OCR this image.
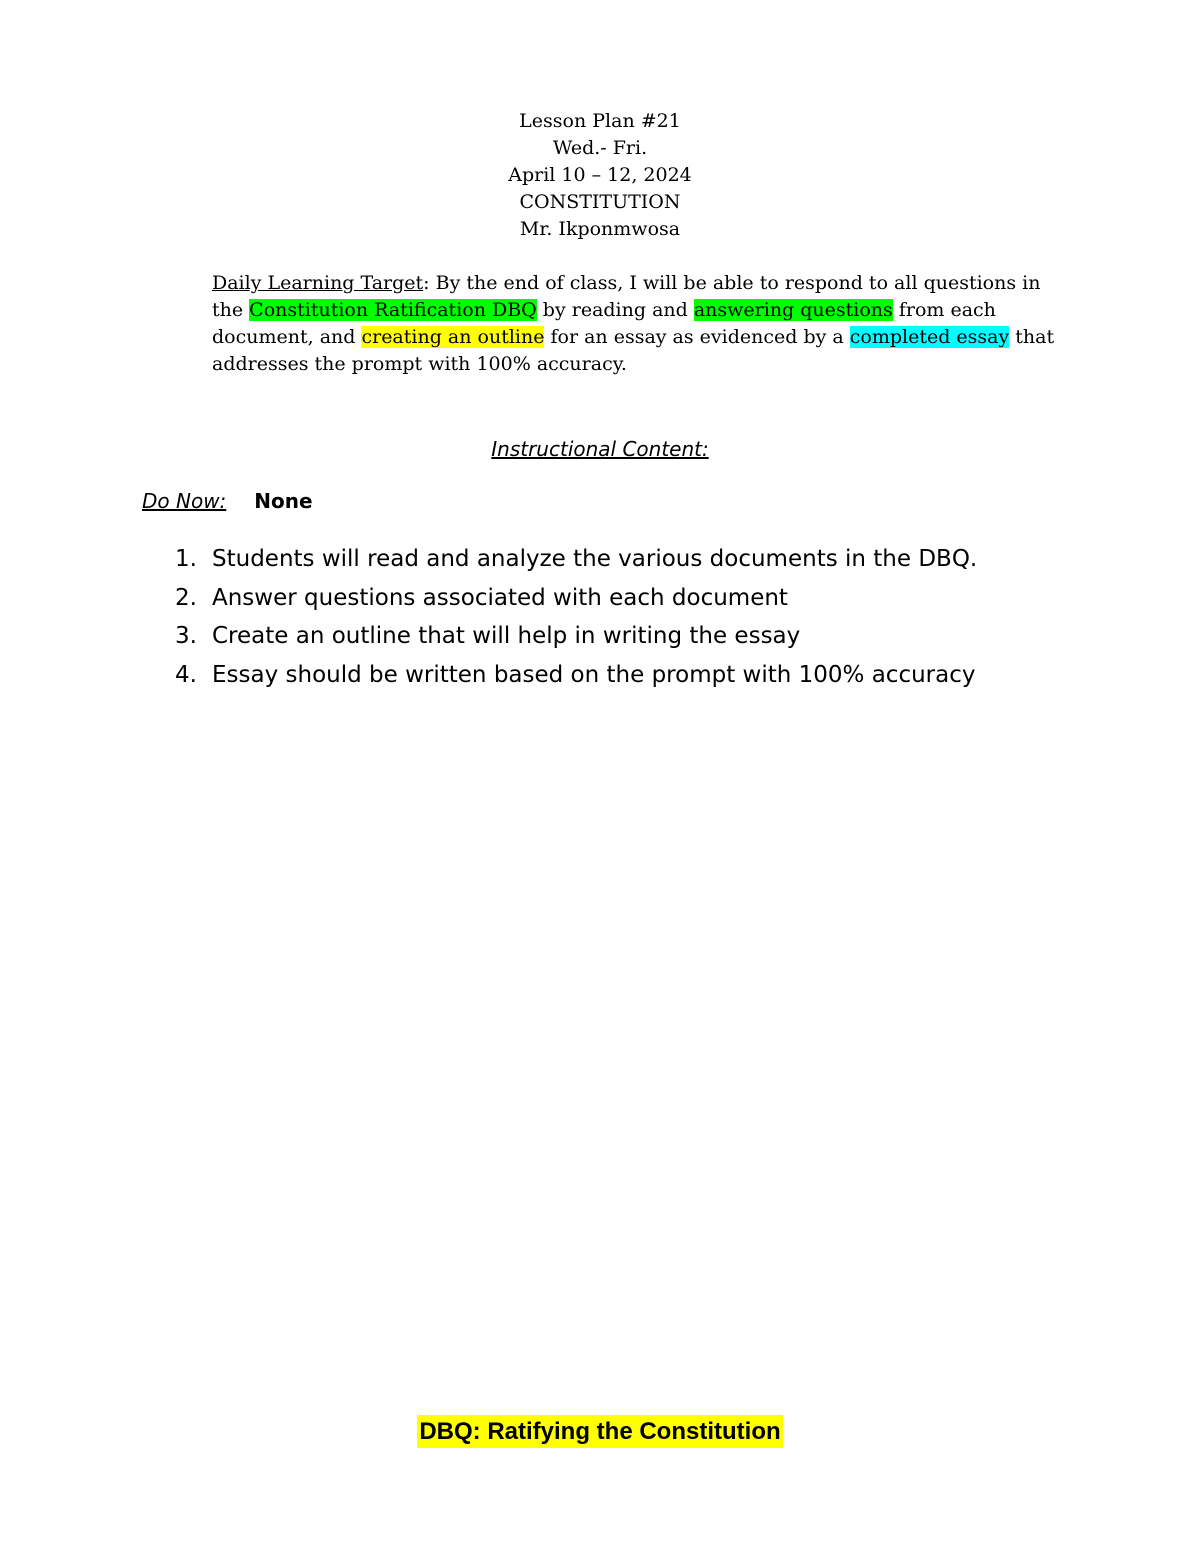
Lesson Plan #21
Wed.- Fri.
April 10 – 12, 2024
CONSTITUTION
Mr. Ikponmwosa
Daily Learning Target: By the end of class, I will be able to respond to all questions in the Constitution Ratification DBQ by reading and answering questions from each document, and creating an outline for an essay as evidenced by a completed essay that addresses the prompt with 100% accuracy.
Instructional Content:
Do Now: None
1. Students will read and analyze the various documents in the DBQ.
2. Answer questions associated with each document
3. Create an outline that will help in writing the essay
4. Essay should be written based on the prompt with 100% accuracy
DBQ: Ratifying the Constitution
